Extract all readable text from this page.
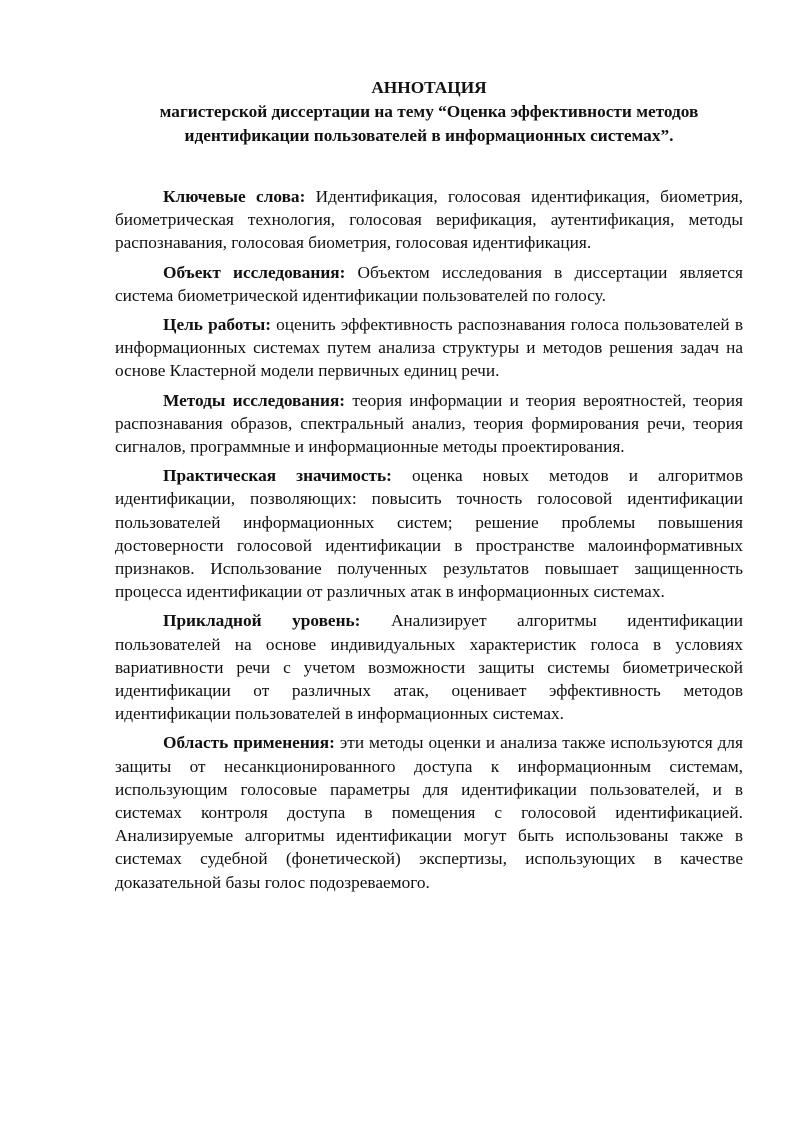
АННОТАЦИЯ

магистерской диссертации на тему “Оценка эффективности методов
идентификации пользователей в информационных системах”.

Ключевые слова: Идентификация, голосовая идентификация, биометрия, биометрическая технология, голосовая верификация, аутентификация, методы распознавания, голосовая биометрия, голосовая идентификация.

Объект исследования: Объектом исследования в диссертации является система биометрической идентификации пользователей по голосу.

Цель работы: оценить эффективность распознавания голоса пользователей в информационных системах путем анализа структуры и методов решения задач на основе Кластерной модели первичных единиц речи.

Методы исследования: теория информации и теория вероятностей, теория распознавания образов, спектральный анализ, теория формирования речи, теория сигналов, программные и информационные методы проектирования.

Практическая значимость: оценка новых методов и алгоритмов идентификации, позволяющих: повысить точность голосовой идентификации пользователей информационных систем; решение проблемы повышения достоверности голосовой идентификации в пространстве малоинформативных признаков. Использование полученных результатов повышает защищенность процесса идентификации от различных атак в информационных системах.

Прикладной уровень: Анализирует алгоритмы идентификации пользователей на основе индивидуальных характеристик голоса в условиях вариативности речи с учетом возможности защиты системы биометрической идентификации от различных атак, оценивает эффективность методов идентификации пользователей в информационных системах.

Область применения: эти методы оценки и анализа также используются для защиты от несанкционированного доступа к информационным системам, использующим голосовые параметры для идентификации пользователей, и в системах контроля доступа в помещения с голосовой идентификацией. Анализируемые алгоритмы идентификации могут быть использованы также в системах судебной (фонетической) экспертизы, использующих в качестве доказательной базы голос подозреваемого.
